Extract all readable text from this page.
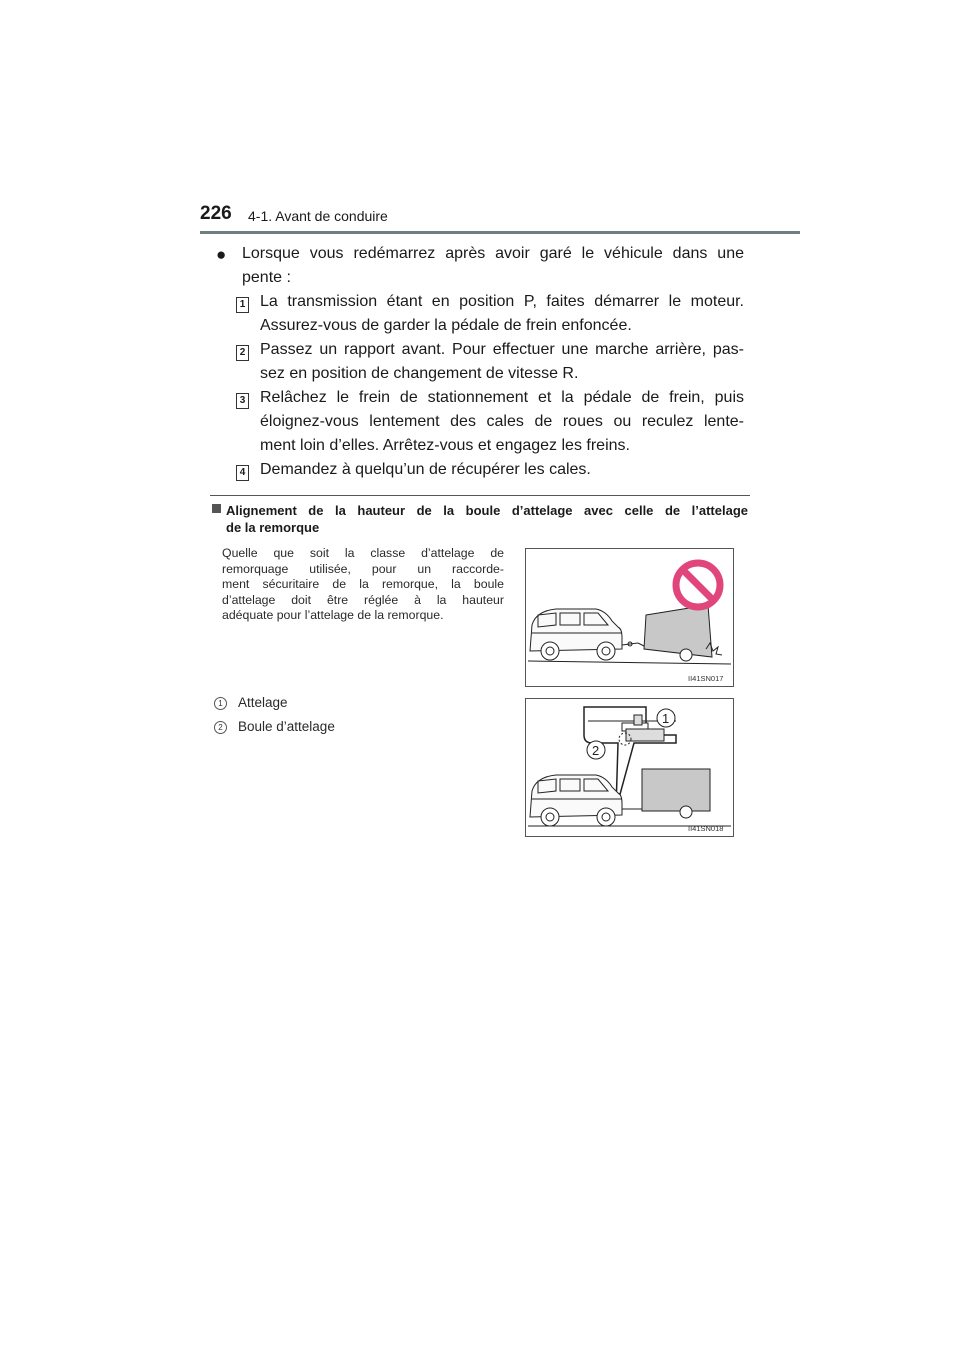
226 4-1. Avant de conduire
● Lorsque vous redémarrez après avoir garé le véhicule dans une
pente :
1 La transmission étant en position P, faites démarrer le moteur.
Assurez-vous de garder la pédale de frein enfoncée.
2 Passez un rapport avant. Pour effectuer une marche arrière, pas-
sez en position de changement de vitesse R.
3 Relâchez le frein de stationnement et la pédale de frein, puis
éloignez-vous lentement des cales de roues ou reculez lente-
ment loin d’elles. Arrêtez-vous et engagez les freins.
4 Demandez à quelqu’un de récupérer les cales.
Alignement de la hauteur de la boule d’attelage avec celle de l’attelage
de la remorque
Quelle que soit la classe d’attelage de
remorquage utilisée, pour un raccorde-
ment sécuritaire de la remorque, la boule
d’attelage doit être réglée à la hauteur
adéquate pour l’attelage de la remorque.
II41SN017
1	Attelage
2	Boule d’attelage
1
2
II41SN018
